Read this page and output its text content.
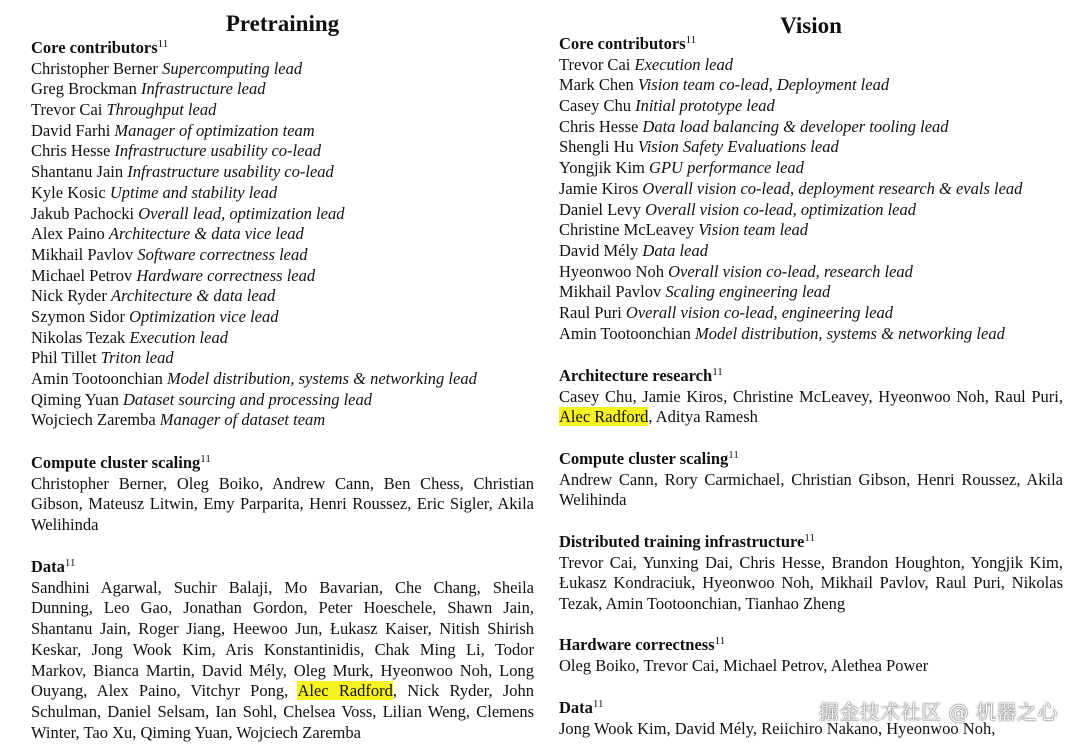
Pretraining
Core contributors$^{11}$
Christopher Berner Supercomputing lead
Greg Brockman Infrastructure lead
Trevor Cai Throughput lead
David Farhi Manager of optimization team
Chris Hesse Infrastructure usability co-lead
Shantanu Jain Infrastructure usability co-lead
Kyle Kosic Uptime and stability lead
Jakub Pachocki Overall lead, optimization lead
Alex Paino Architecture & data vice lead
Mikhail Pavlov Software correctness lead
Michael Petrov Hardware correctness lead
Nick Ryder Architecture & data lead
Szymon Sidor Optimization vice lead
Nikolas Tezak Execution lead
Phil Tillet Triton lead
Amin Tootoonchian Model distribution, systems & networking lead
Qiming Yuan Dataset sourcing and processing lead
Wojciech Zaremba Manager of dataset team
Compute cluster scaling$^{11}$

Christopher Berner, Oleg Boiko, Andrew Cann, Ben Chess, Christian Gibson, Mateusz Litwin, Emy Parparita, Henri Roussez, Eric Sigler, Akila Welihinda

Data$^{11}$

Sandhini Agarwal, Suchir Balaji, Mo Bavarian, Che Chang, Sheila Dunning, Leo Gao, Jonathan Gordon, Peter Hoeschele, Shawn Jain, Shantanu Jain, Roger Jiang, Heewoo Jun, Łukasz Kaiser, Nitish Shirish Keskar, Jong Wook Kim, Aris Konstantinidis, Chak Ming Li, Todor Markov, Bianca Martin, David Mély, Oleg Murk, Hyeonwoo Noh, Long Ouyang, Alex Paino, Vitchyr Pong, Alec Radford, Nick Ryder, John Schulman, Daniel Selsam, Ian Sohl, Chelsea Voss, Lilian Weng, Clemens Winter, Tao Xu, Qiming Yuan, Wojciech Zaremba

Vision
Core contributors$^{11}$
Trevor Cai Execution lead
Mark Chen Vision team co-lead, Deployment lead
Casey Chu Initial prototype lead
Chris Hesse Data load balancing & developer tooling lead
Shengli Hu Vision Safety Evaluations lead
Yongjik Kim GPU performance lead
Jamie Kiros Overall vision co-lead, deployment research & evals lead
Daniel Levy Overall vision co-lead, optimization lead
Christine McLeavey Vision team lead
David Mély Data lead
Hyeonwoo Noh Overall vision co-lead, research lead
Mikhail Pavlov Scaling engineering lead
Raul Puri Overall vision co-lead, engineering lead
Amin Tootoonchian Model distribution, systems & networking lead
Architecture research$^{11}$

Casey Chu, Jamie Kiros, Christine McLeavey, Hyeonwoo Noh, Raul Puri, Alec Radford, Aditya Ramesh

Compute cluster scaling$^{11}$

Andrew Cann, Rory Carmichael, Christian Gibson, Henri Roussez, Akila Welihinda

Distributed training infrastructure$^{11}$

Trevor Cai, Yunxing Dai, Chris Hesse, Brandon Houghton, Yongjik Kim, Łukasz Kondraciuk, Hyeonwoo Noh, Mikhail Pavlov, Raul Puri, Nikolas Tezak, Amin Tootoonchian, Tianhao Zheng

Hardware correctness$^{11}$

Oleg Boiko, Trevor Cai, Michael Petrov, Alethea Power

Data$^{11}$

Jong Wook Kim, David Mély, Reiichiro Nakano, Hyeonwoo Noh,

掘金技术社区 @ 机器之心
